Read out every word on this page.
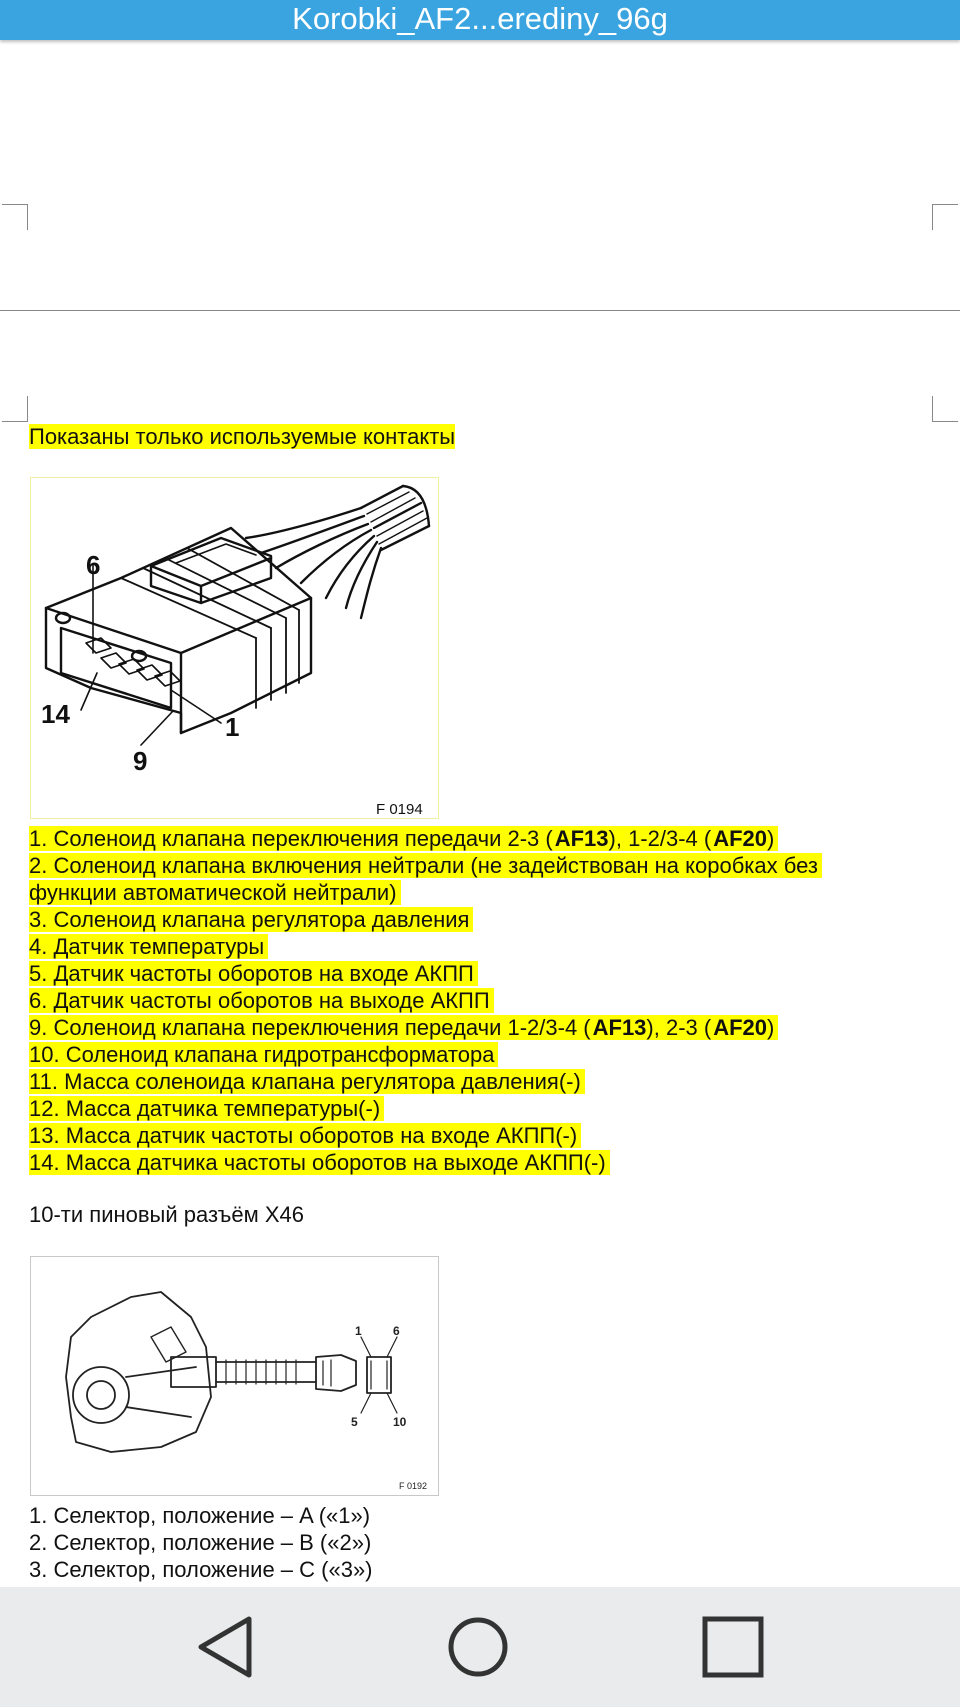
Korobki_AF2...erediny_96g
Показаны только используемые контакты
6
14	1
9
F 0194
1. Соленоид клапана переключения передачи 2-3 (AF13), 1-2/3-4 (AF20)
2. Соленоид клапана включения нейтрали (не задействован на коробках без
функции автоматической нейтрали)
3. Соленоид клапана регулятора давления
4. Датчик температуры
5. Датчик частоты оборотов на входе АКПП
6. Датчик частоты оборотов на выходе АКПП
9. Соленоид клапана переключения передачи 1-2/3-4 (AF13), 2-3 (AF20)
10. Соленоид клапана гидротрансформатора
11. Масса соленоида клапана регулятора давления(-)
12. Масса датчика температуры(-)
13. Масса датчик частоты оборотов на входе АКПП(-)
14. Масса датчика частоты оборотов на выходе АКПП(-)
10-ти пиновый разъём X46
1	6
5	10
F 0192
1. Селектор, положение – A («1»)
2. Селектор, положение – B («2»)
3. Селектор, положение – C («3»)
